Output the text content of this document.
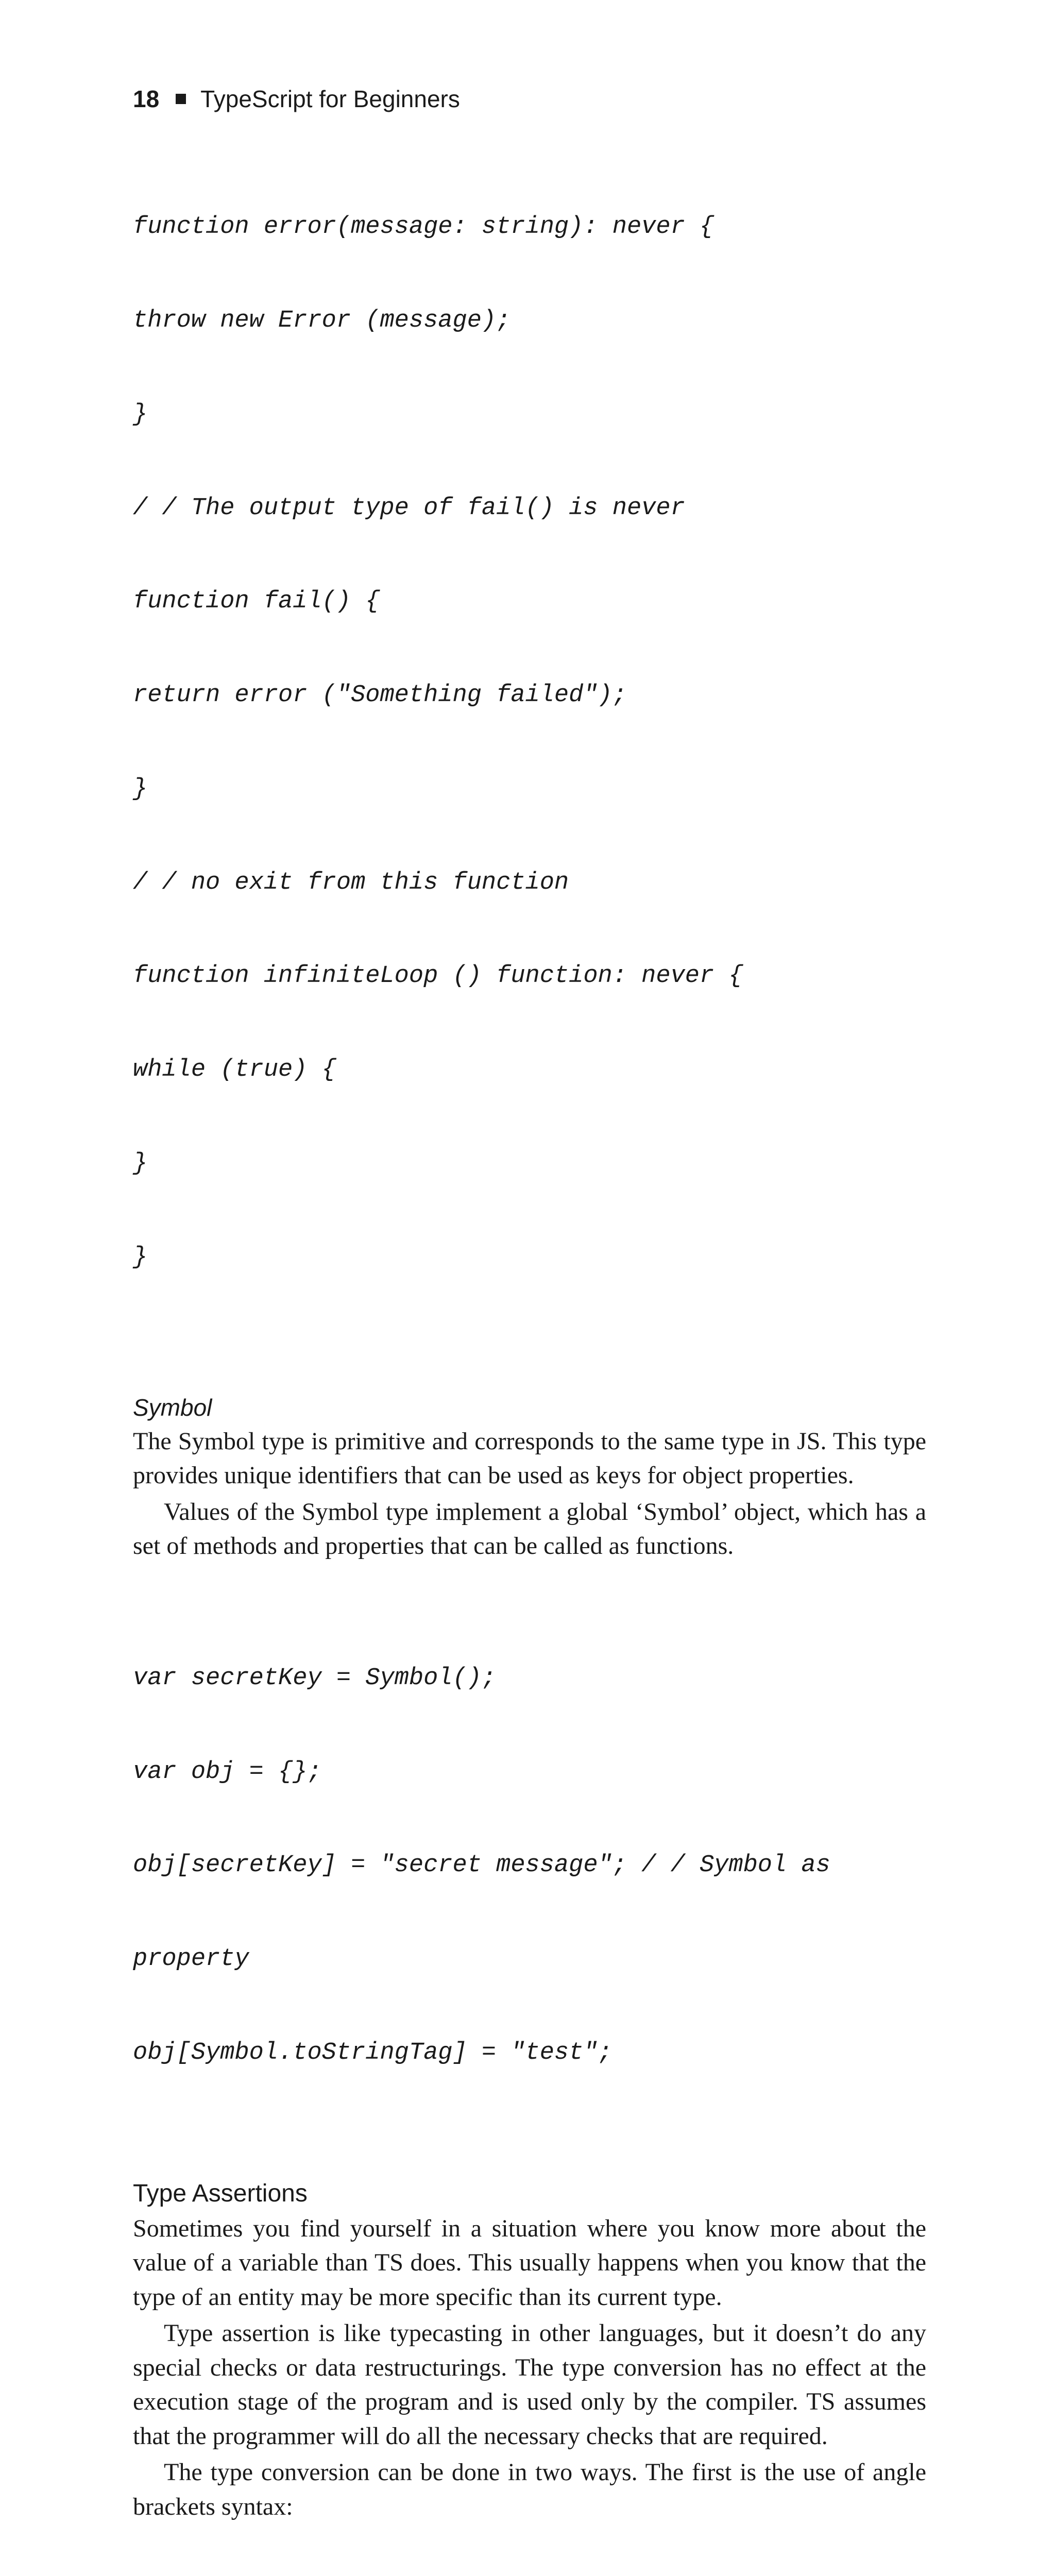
18 TypeScript for Beginners

function error(message: string): never {

throw new Error (message);

}

/ / The output type of fail() is never

function fail() {

return error ("Something failed");

}

/ / no exit from this function

function infiniteLoop () function: never {

while (true) {

}

}

Symbol

The Symbol type is primitive and corresponds to the same type in JS. This type provides unique identifiers that can be used as keys for object properties.

Values of the Symbol type implement a global ‘Symbol’ object, which has a set of methods and properties that can be called as functions.

var secretKey = Symbol();

var obj = {};

obj[secretKey] = "secret message"; / / Symbol as

property

obj[Symbol.toStringTag] = "test";

Type Assertions

Sometimes you find yourself in a situation where you know more about the value of a variable than TS does. This usually happens when you know that the type of an entity may be more specific than its current type.

Type assertion is like typecasting in other languages, but it doesn’t do any special checks or data restructurings. The type conversion has no effect at the execution stage of the program and is used only by the compiler. TS assumes that the programmer will do all the necessary checks that are required.

The type conversion can be done in two ways. The first is the use of angle brackets syntax:
